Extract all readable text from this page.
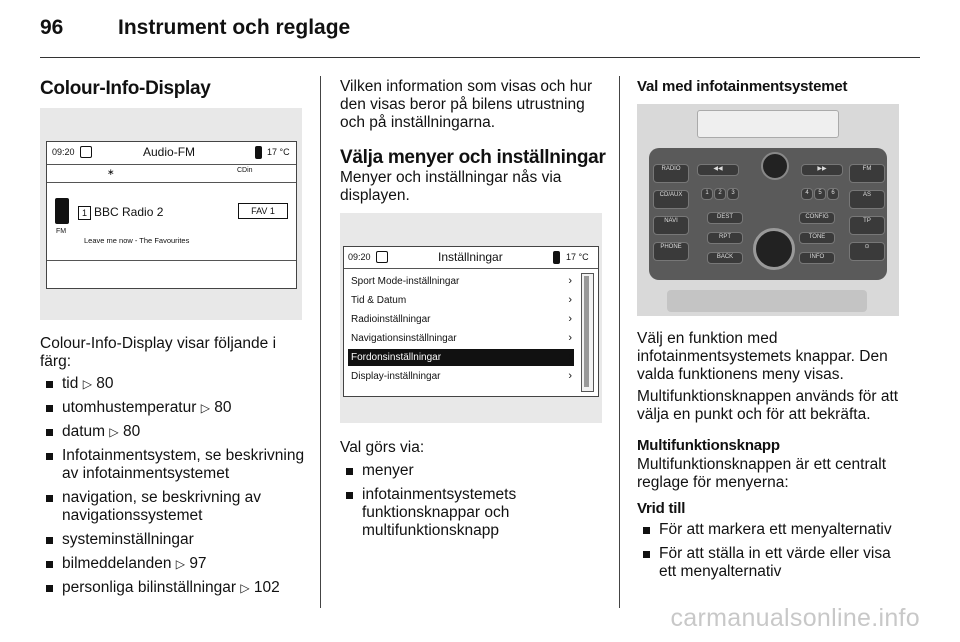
96	Instrument och reglage
Colour-Info-Display
09:20	Audio-FM	17 °C
∗	CDin
FM
1 BBC Radio 2	FAV 1
Leave me now - The Favourites
Colour-Info-Display visar följande i färg:
tid ▷ 80
utomhustemperatur ▷ 80
datum ▷ 80
Infotainmentsystem, se beskrivning av infotainmentsystemet
navigation, se beskrivning av navigationssystemet
systeminställningar
bilmeddelanden ▷ 97
personliga bilinställningar ▷ 102
Vilken information som visas och hur den visas beror på bilens utrustning och på inställningarna.
Välja menyer och inställningar
Menyer och inställningar nås via displayen.
09:20	Inställningar	17 °C
Sport Mode-inställningar
Tid & Datum
Radioinställningar
Navigationsinställningar
Fordonsinställningar
Display-inställningar
›
›
›
›
›
›
Val görs via:
menyer
infotainmentsystemets funktionsknappar och multifunktionsknapp
Val med infotainmentsystemet
RADIO
CD/AUX
NAVI
PHONE
FM
AS
TP
⊙
◀◀	▶▶
1	2	3	4	5	6
DEST
RPT
BACK
CONFIG
TONE
INFO
Välj en funktion med infotainmentsystemets knappar. Den valda funktionens meny visas.
Multifunktionsknappen används för att välja en punkt och för att bekräfta.
Multifunktionsknapp
Multifunktionsknappen är ett centralt reglage för menyerna:
Vrid till
För att markera ett menyalternativ
För att ställa in ett värde eller visa ett menyalternativ
carmanualsonline.info
